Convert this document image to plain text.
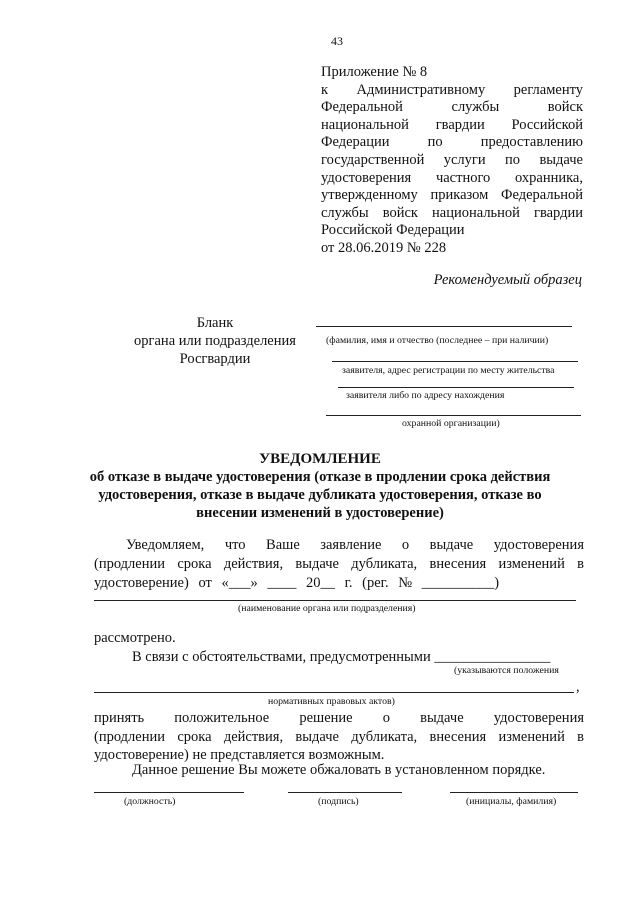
43
Приложение № 8
к Административному регламенту
Федеральной службы войск
национальной гвардии Российской
Федерации по предоставлению
государственной услуги по выдаче
удостоверения частного охранника,
утвержденному приказом Федеральной
службы войск национальной гвардии
Российской Федерации
от 28.06.2019 № 228
Рекомендуемый образец
Бланк
органа или подразделения
Росгвардии
(фамилия, имя и отчество (последнее – при наличии)
заявителя, адрес регистрации по месту жительства
заявителя либо по адресу нахождения
охранной организации)
УВЕДОМЛЕНИЕ
об отказе в выдаче удостоверения (отказе в продлении срока действия
удостоверения, отказе в выдаче дубликата удостоверения, отказе во
внесении изменений в удостоверение)
Уведомляем, что Ваше заявление о выдаче удостоверения
(продлении срока действия, выдаче дубликата, внесения изменений в
удостоверение) от «___» ____ 20__ г. (рег. № __________)
(наименование органа или подразделения)
рассмотрено.
В связи с обстоятельствами, предусмотренными ________________
(указываются положения
,
нормативных правовых актов)
принять положительное решение о выдаче удостоверения
(продлении срока действия, выдаче дубликата, внесения изменений в
удостоверение) не представляется возможным.
Данное решение Вы можете обжаловать в установленном порядке.
(должность)	(подпись)	(инициалы, фамилия)
